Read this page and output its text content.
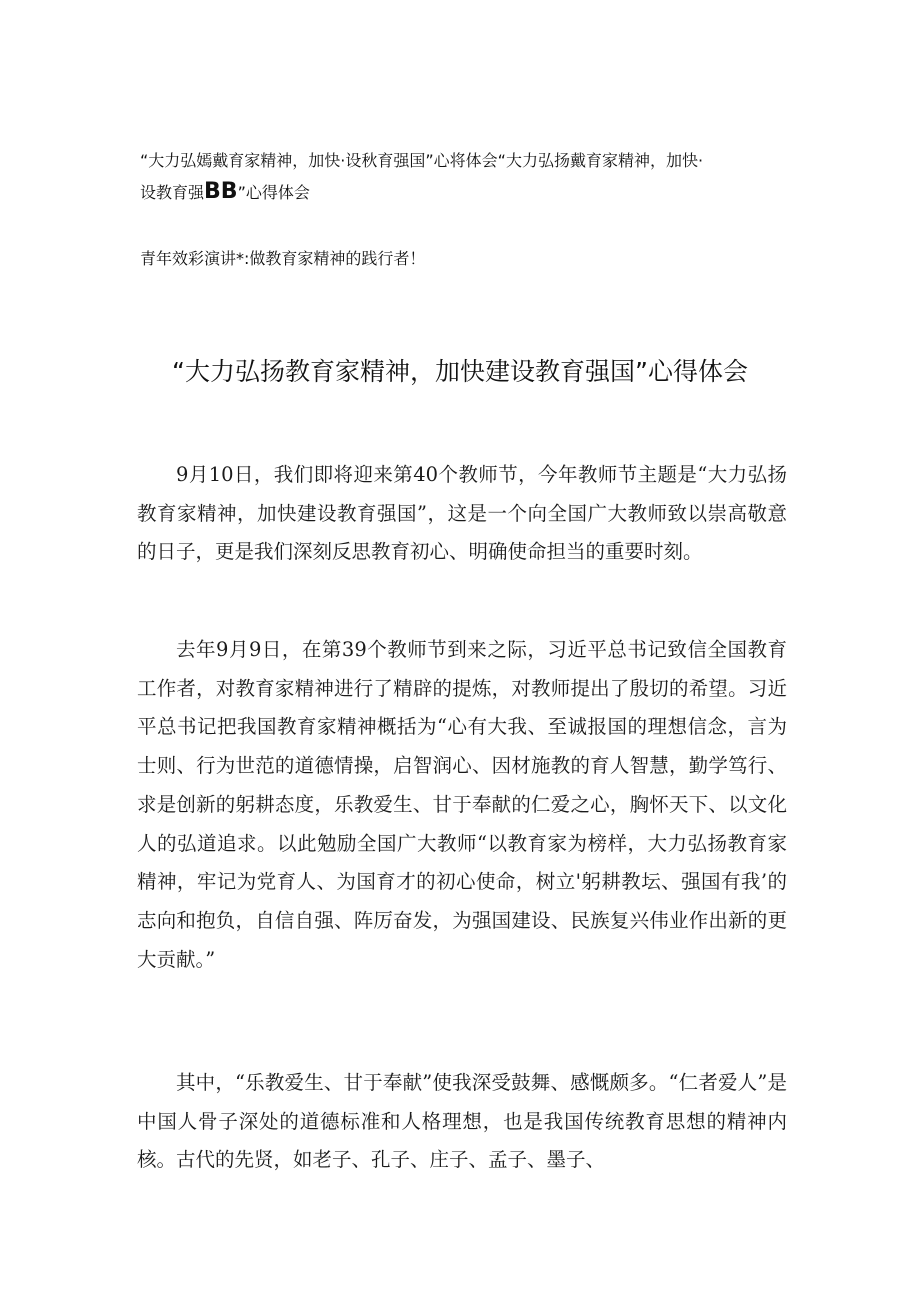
“大力弘嫣戴育家精神，加快·设秋育强国”心将体会“大力弘扬戴育家精神，加快·
设教育强BB”心得体会
青年效彩演讲*:做教育家精神的践行者！
“大力弘扬教育家精神，加快建设教育强国”心得体会

9月10日，我们即将迎来第40个教师节，今年教师节主题是“大力弘扬教育家精神，加快建设教育强国”，这是一个向全国广大教师致以崇高敬意的日子，更是我们深刻反思教育初心、明确使命担当的重要时刻。

去年9月9日，在第39个教师节到来之际，习近平总书记致信全国教育工作者，对教育家精神进行了精辟的提炼，对教师提出了殷切的希望。习近平总书记把我国教育家精神概括为“心有大我、至诚报国的理想信念，言为士则、行为世范的道德情操，启智润心、因材施教的育人智慧，勤学笃行、求是创新的躬耕态度，乐教爱生、甘于奉献的仁爱之心，胸怀天下、以文化人的弘道追求。以此勉励全国广大教师“以教育家为榜样，大力弘扬教育家精神，牢记为党育人、为国育才的初心使命，树立'躬耕教坛、强国有我’的志向和抱负，自信自强、阵厉奋发，为强国建设、民族复兴伟业作出新的更大贡献。”

其中，“乐教爱生、甘于奉献”使我深受鼓舞、感慨颇多。“仁者爱人”是中国人骨子深处的道德标准和人格理想，也是我国传统教育思想的精神内核。古代的先贤，如老子、孔子、庄子、孟子、墨子、
